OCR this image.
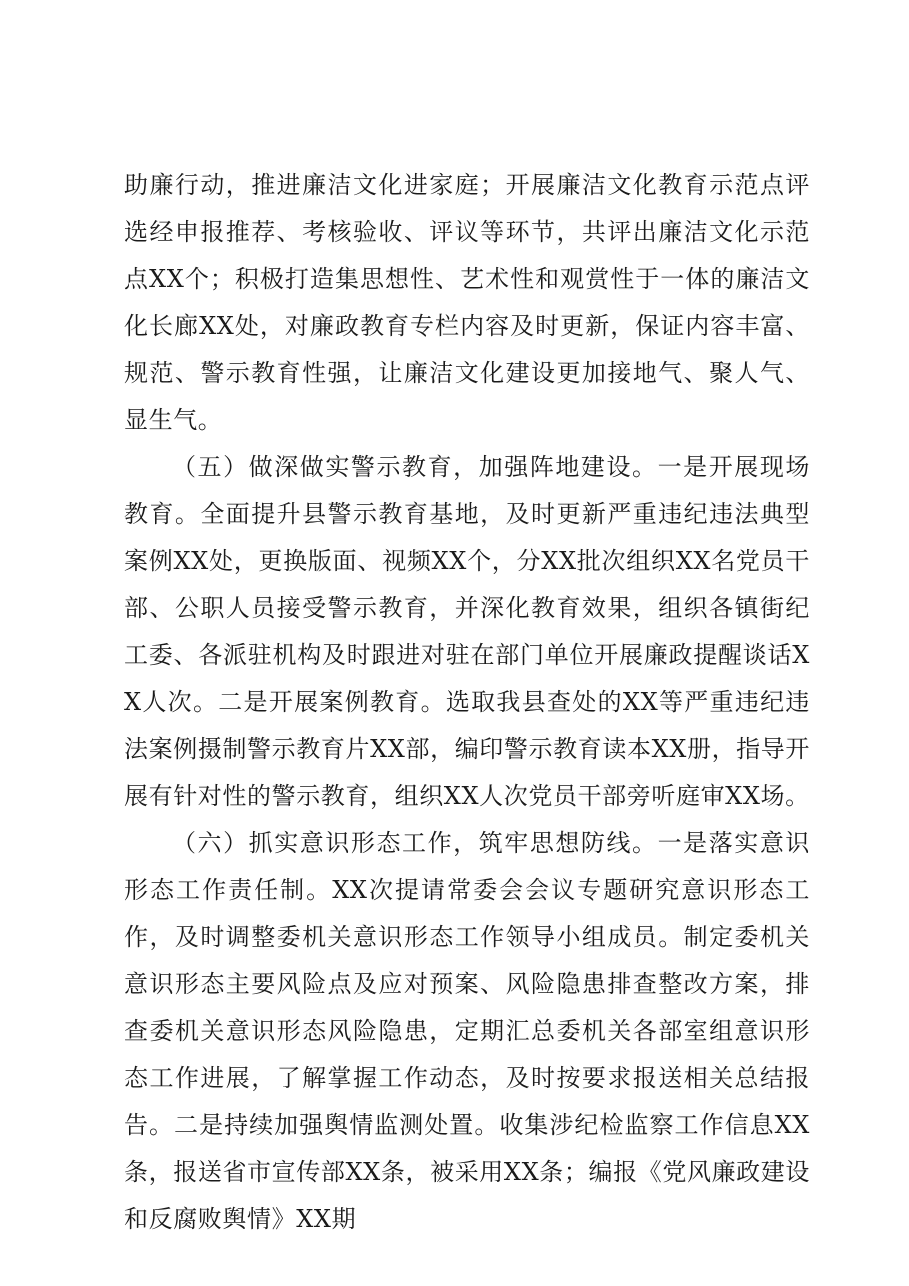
助廉行动，推进廉洁文化进家庭；开展廉洁文化教育示范点评选经申报推荐、考核验收、评议等环节，共评出廉洁文化示范点XX个；积极打造集思想性、艺术性和观赏性于一体的廉洁文化长廊XX处，对廉政教育专栏内容及时更新，保证内容丰富、规范、警示教育性强，让廉洁文化建设更加接地气、聚人气、显生气。

（五）做深做实警示教育，加强阵地建设。一是开展现场教育。全面提升县警示教育基地，及时更新严重违纪违法典型案例XX处，更换版面、视频XX个，分XX批次组织XX名党员干部、公职人员接受警示教育，并深化教育效果，组织各镇街纪工委、各派驻机构及时跟进对驻在部门单位开展廉政提醒谈话XX人次。二是开展案例教育。选取我县查处的XX等严重违纪违法案例摄制警示教育片XX部，编印警示教育读本XX册，指导开展有针对性的警示教育，组织XX人次党员干部旁听庭审XX场。

（六）抓实意识形态工作，筑牢思想防线。一是落实意识形态工作责任制。XX次提请常委会会议专题研究意识形态工作，及时调整委机关意识形态工作领导小组成员。制定委机关意识形态主要风险点及应对预案、风险隐患排查整改方案，排查委机关意识形态风险隐患，定期汇总委机关各部室组意识形态工作进展，了解掌握工作动态，及时按要求报送相关总结报告。二是持续加强舆情监测处置。收集涉纪检监察工作信息XX条，报送省市宣传部XX条，被采用XX条；编报《党风廉政建设和反腐败舆情》XX期
